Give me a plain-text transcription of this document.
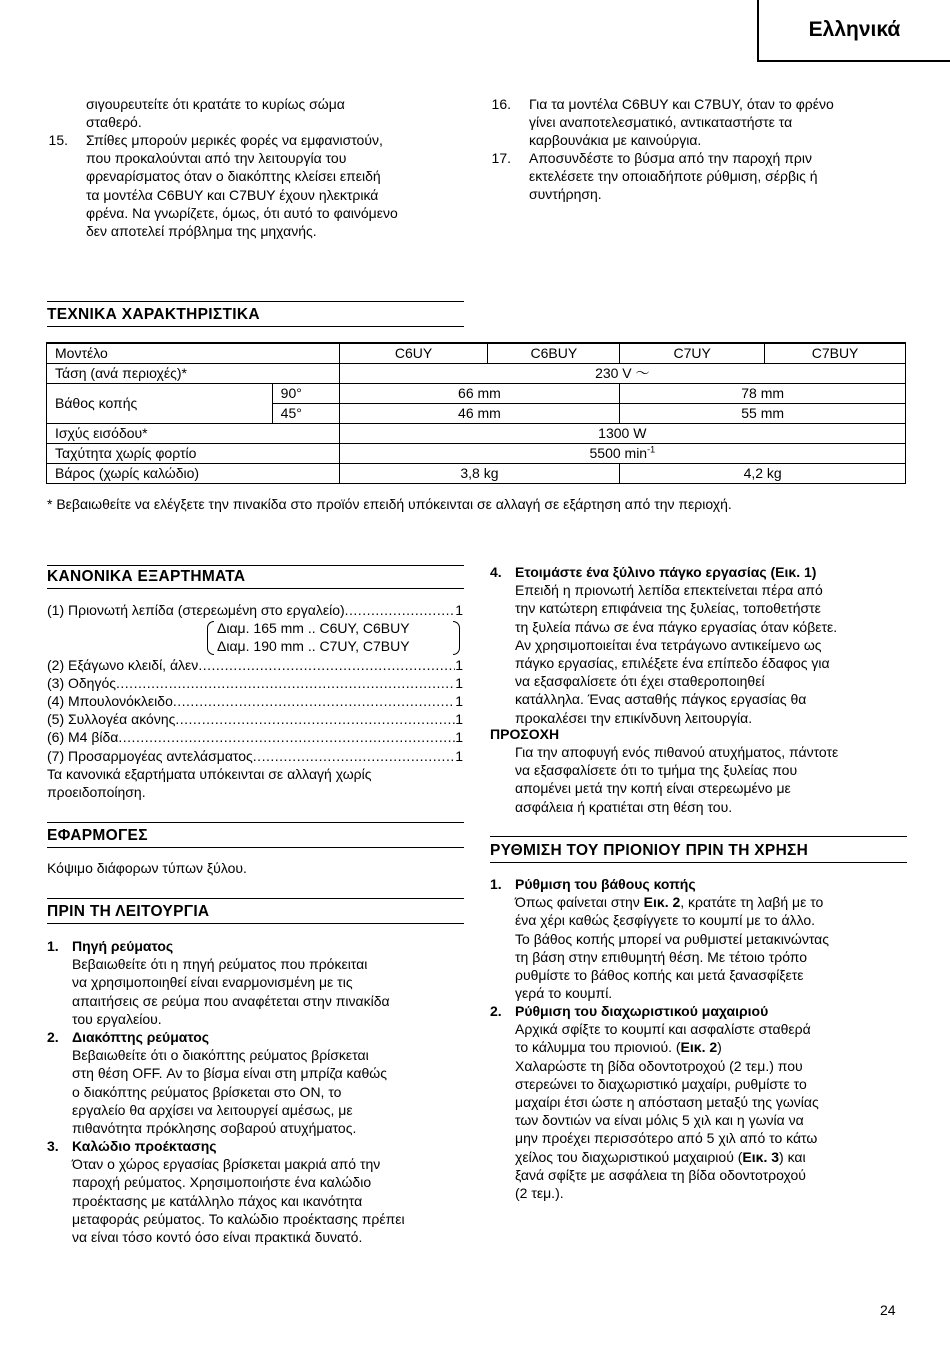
Ελληνικά
σιγουρευτείτε ότι κρατάτε το κυρίως σώμα
σταθερό.
15. Σπίθες μπορούν μερικές φορές να εμφανιστούν,
που προκαλούνται από την λειτουργία του
φρεναρίσματος όταν ο διακόπτης κλείσει επειδή
τα μοντέλα C6BUY και C7BUY έχουν ηλεκτρικά
φρένα. Να γνωρίζετε, όμως, ότι αυτό το φαινόμενο
δεν αποτελεί πρόβλημα της μηχανής.
16. Για τα μοντέλα C6BUY και C7BUY, όταν το φρένο
γίνει αναποτελεσματικό, αντικαταστήστε τα
καρβουνάκια με καινούργια.
17. Αποσυνδέστε το βύσμα από την παροχή πριν
εκτελέσετε την οποιαδήποτε ρύθμιση, σέρβις ή
συντήρηση.
ΤΕΧΝΙΚΑ ΧΑΡΑΚΤΗΡΙΣΤΙΚΑ
Μοντέλο		C6UY	C6BUY	C7UY	C7BUY
Τάση (ανά περιοχές)*		230 V ～			
Βάθος κοπής	90°	66 mm		78 mm	
	45°	46 mm		55 mm	
Ισχύς εισόδου*		1300 W			
Ταχύτητα χωρίς φορτίο		5500 $\min^{-1}$
Βάρος (χωρίς καλώδιο)		3,8 kg		4,2 kg	
* Βεβαιωθείτε να ελέγξετε την πινακίδα στο προϊόν επειδή υπόκεινται σε αλλαγή σε εξάρτηση από την περιοχή.
ΚΑΝΟΝΙΚΑ ΕΞΑΡΤΗΜΑΤΑ
(1) Πριονωτή λεπίδα (στερεωμένη στο εργαλείο) .....	1
Διαμ. 165 mm .. C6UY, C6BUY
Διαμ. 190 mm .. C7UY, C7BUY
(2) Εξάγωνο κλειδί, άλεν .....	1
(3) Οδηγός .....	1
(4) Μπουλονόκλειδο .....	1
(5) Συλλογέα ακόνης .....	1
(6) M4 βίδα .....	1
(7) Προσαρμογέας αντελάσματος .....	1
Τα κανονικά εξαρτήματα υπόκεινται σε αλλαγή χωρίς
προειδοποίηση.
ΕΦΑΡΜΟΓΕΣ
Κόψιμο διάφορων τύπων ξύλου.
ΠΡΙΝ ΤΗ ΛΕΙΤΟΥΡΓΙΑ
1. Πηγή ρεύματος
Βεβαιωθείτε ότι η πηγή ρεύματος που πρόκειται
να χρησιμοποιηθεί είναι εναρμονισμένη με τις
απαιτήσεις σε ρεύμα που αναφέτεται στην πινακίδα
του εργαλείου.
2. Διακόπτης ρεύματος
Βεβαιωθείτε ότι ο διακόπτης ρεύματος βρίσκεται
στη θέση OFF. Αν το βίσμα είναι στη μπρίζα καθώς
ο διακόπτης ρεύματος βρίσκεται στο ON, το
εργαλείο θα αρχίσει να λειτουργεί αμέσως, με
πιθανότητα πρόκλησης σοβαρού ατυχήματος.
3. Καλώδιο προέκτασης
Όταν ο χώρος εργασίας βρίσκεται μακριά από την
παροχή ρεύματος. Χρησιμοποιήστε ένα καλώδιο
προέκτασης με κατάλληλο πάχος και ικανότητα
μεταφοράς ρεύματος. Το καλώδιο προέκτασης πρέπει
να είναι τόσο κοντό όσο είναι πρακτικά δυνατό.
4. Ετοιμάστε ένα ξύλινο πάγκο εργασίας (Εικ. 1)
Επειδή η πριονωτή λεπίδα επεκτείνεται πέρα από
την κατώτερη επιφάνεια της ξυλείας, τοποθετήστε
τη ξυλεία πάνω σε ένα πάγκο εργασίας όταν κόβετε.
Αν χρησιμοποιείται ένα τετράγωνο αντικείμενο ως
πάγκο εργασίας, επιλέξετε ένα επίπεδο έδαφος για
να εξασφαλίσετε ότι έχει σταθεροποιηθεί
κατάλληλα. Ένας ασταθής πάγκος εργασίας θα
προκαλέσει την επικίνδυνη λειτουργία.
ΠΡΟΣΟΧΗ
Για την αποφυγή ενός πιθανού ατυχήματος, πάντοτε
να εξασφαλίσετε ότι το τμήμα της ξυλείας που
απομένει μετά την κοπή είναι στερεωμένο με
ασφάλεια ή κρατιέται στη θέση του.
ΡΥΘΜΙΣΗ ΤΟΥ ΠΡΙΟΝΙΟΥ ΠΡΙΝ ΤΗ ΧΡΗΣΗ
1. Ρύθμιση του βάθους κοπής
Όπως φαίνεται στην Εικ. 2, κρατάτε τη λαβή με το
ένα χέρι καθώς ξεσφίγγετε το κουμπί με το άλλο.
Το βάθος κοπής μπορεί να ρυθμιστεί μετακινώντας
τη βάση στην επιθυμητή θέση. Με τέτοιο τρόπο
ρυθμίστε το βάθος κοπής και μετά ξανασφίξετε
γερά το κουμπί.
2. Ρύθμιση του διαχωριστικού μαχαιριού
Αρχικά σφίξτε το κουμπί και ασφαλίστε σταθερά
το κάλυμμα του πριονιού. (Εικ. 2)
Χαλαρώστε τη βίδα οδοντοτροχού (2 τεμ.) που
στερεώνει το διαχωριστικό μαχαίρι, ρυθμίστε το
μαχαίρι έτσι ώστε η απόσταση μεταξύ της γωνίας
των δοντιών να είναι μόλις 5 χιλ και η γωνία να
μην προέχει περισσότερο από 5 χιλ από το κάτω
χείλος του διαχωριστικού μαχαιριού (Εικ. 3) και
ξανά σφίξτε με ασφάλεια τη βίδα οδοντοτροχού
(2 τεμ.).
24
